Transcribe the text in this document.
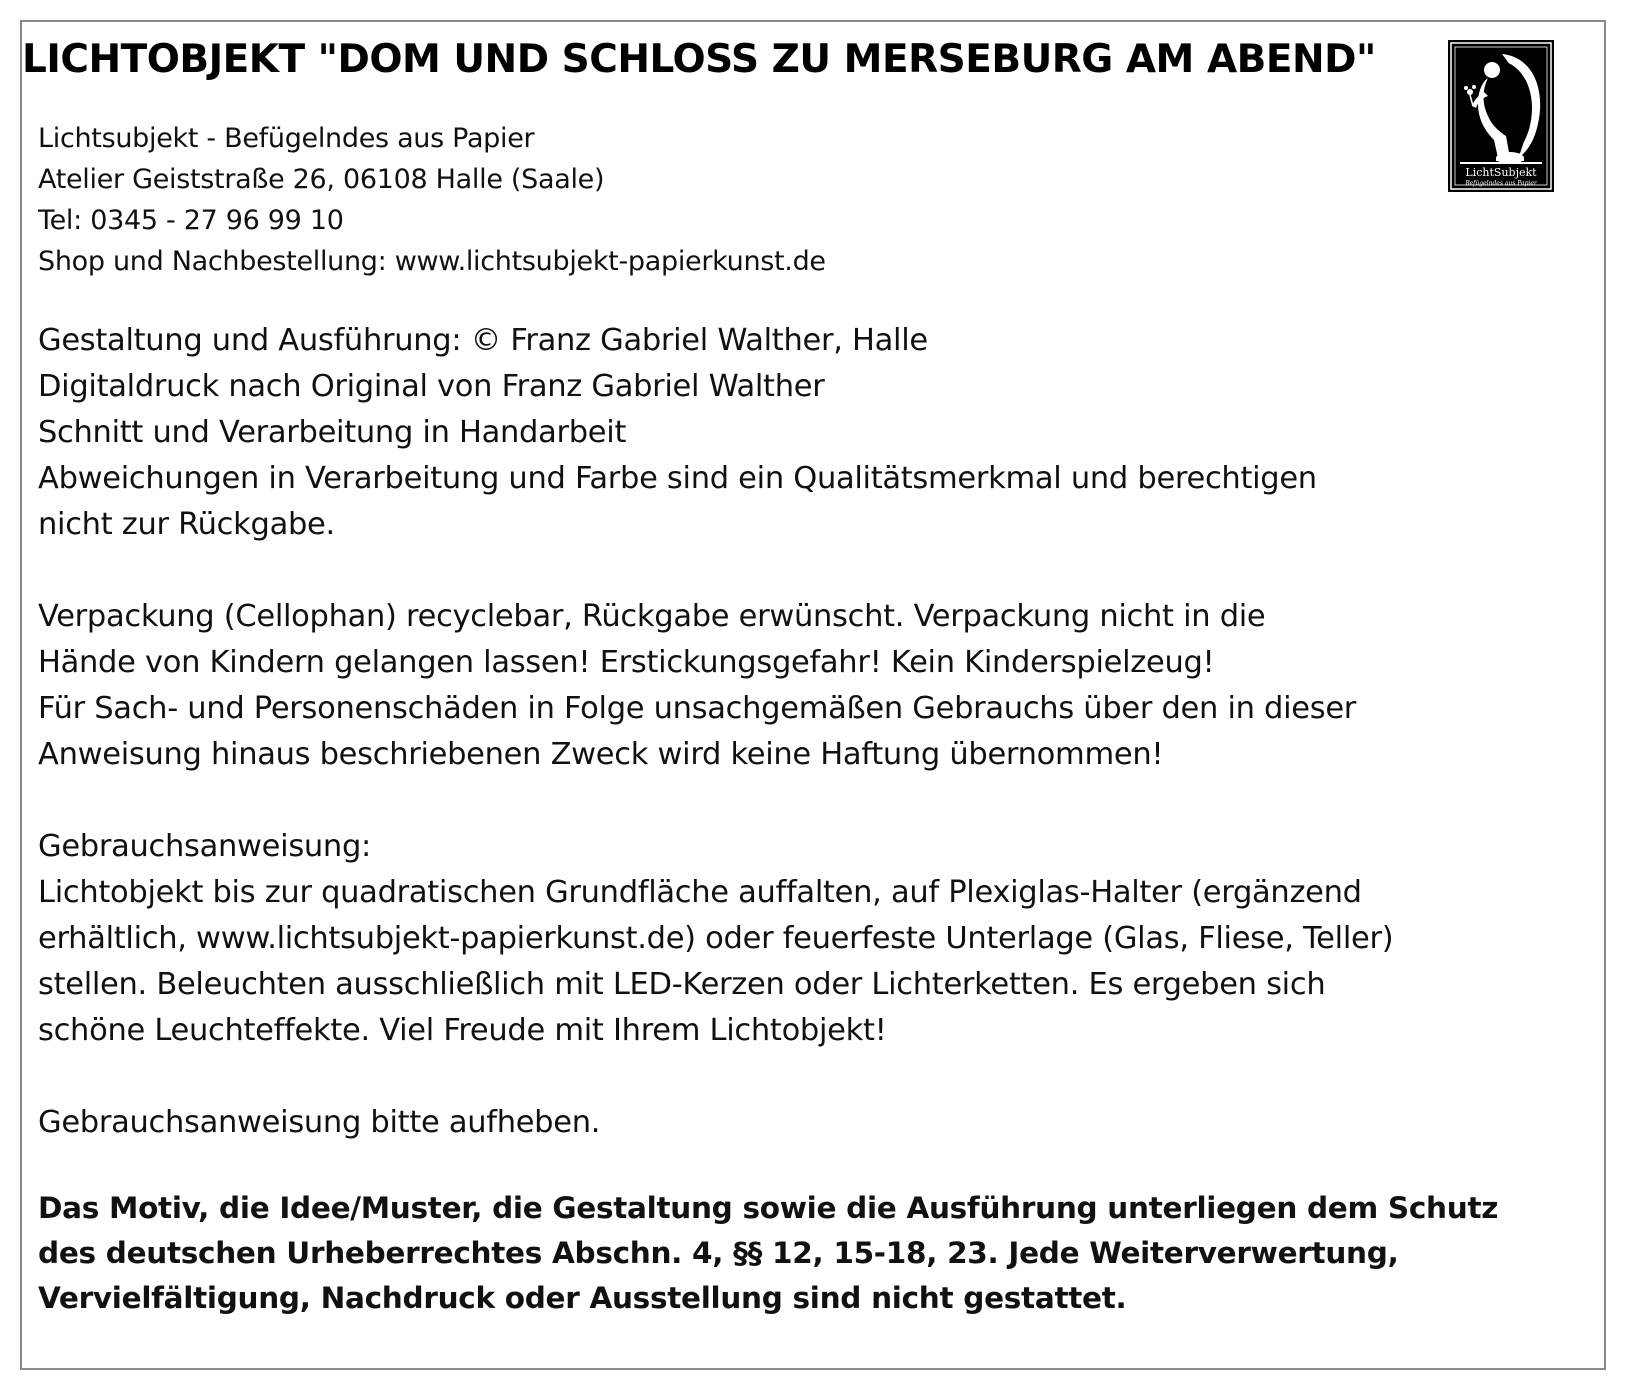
LICHTOBJEKT "DOM UND SCHLOSS ZU MERSEBURG AM ABEND"
LichtSubjekt
Befügelndes aus Papier
Lichtsubjekt - Befügelndes aus Papier
Atelier Geiststraße 26, 06108 Halle (Saale)
Tel: 0345 - 27 96 99 10
Shop und Nachbestellung: www.lichtsubjekt-papierkunst.de
Gestaltung und Ausführung: © Franz Gabriel Walther, Halle
Digitaldruck nach Original von Franz Gabriel Walther
Schnitt und Verarbeitung in Handarbeit
Abweichungen in Verarbeitung und Farbe sind ein Qualitätsmerkmal und berechtigen
nicht zur Rückgabe.
Verpackung (Cellophan) recyclebar, Rückgabe erwünscht. Verpackung nicht in die
Hände von Kindern gelangen lassen! Erstickungsgefahr! Kein Kinderspielzeug!
Für Sach- und Personenschäden in Folge unsachgemäßen Gebrauchs über den in dieser
Anweisung hinaus beschriebenen Zweck wird keine Haftung übernommen!
Gebrauchsanweisung:
Lichtobjekt bis zur quadratischen Grundfläche auffalten, auf Plexiglas-Halter (ergänzend
erhältlich, www.lichtsubjekt-papierkunst.de) oder feuerfeste Unterlage (Glas, Fliese, Teller)
stellen. Beleuchten ausschließlich mit LED-Kerzen oder Lichterketten. Es ergeben sich
schöne Leuchteffekte. Viel Freude mit Ihrem Lichtobjekt!
Gebrauchsanweisung bitte aufheben.
Das Motiv, die Idee/Muster, die Gestaltung sowie die Ausführung unterliegen dem Schutz
des deutschen Urheberrechtes Abschn. 4, §§ 12, 15-18, 23. Jede Weiterverwertung,
Vervielfältigung, Nachdruck oder Ausstellung sind nicht gestattet.
